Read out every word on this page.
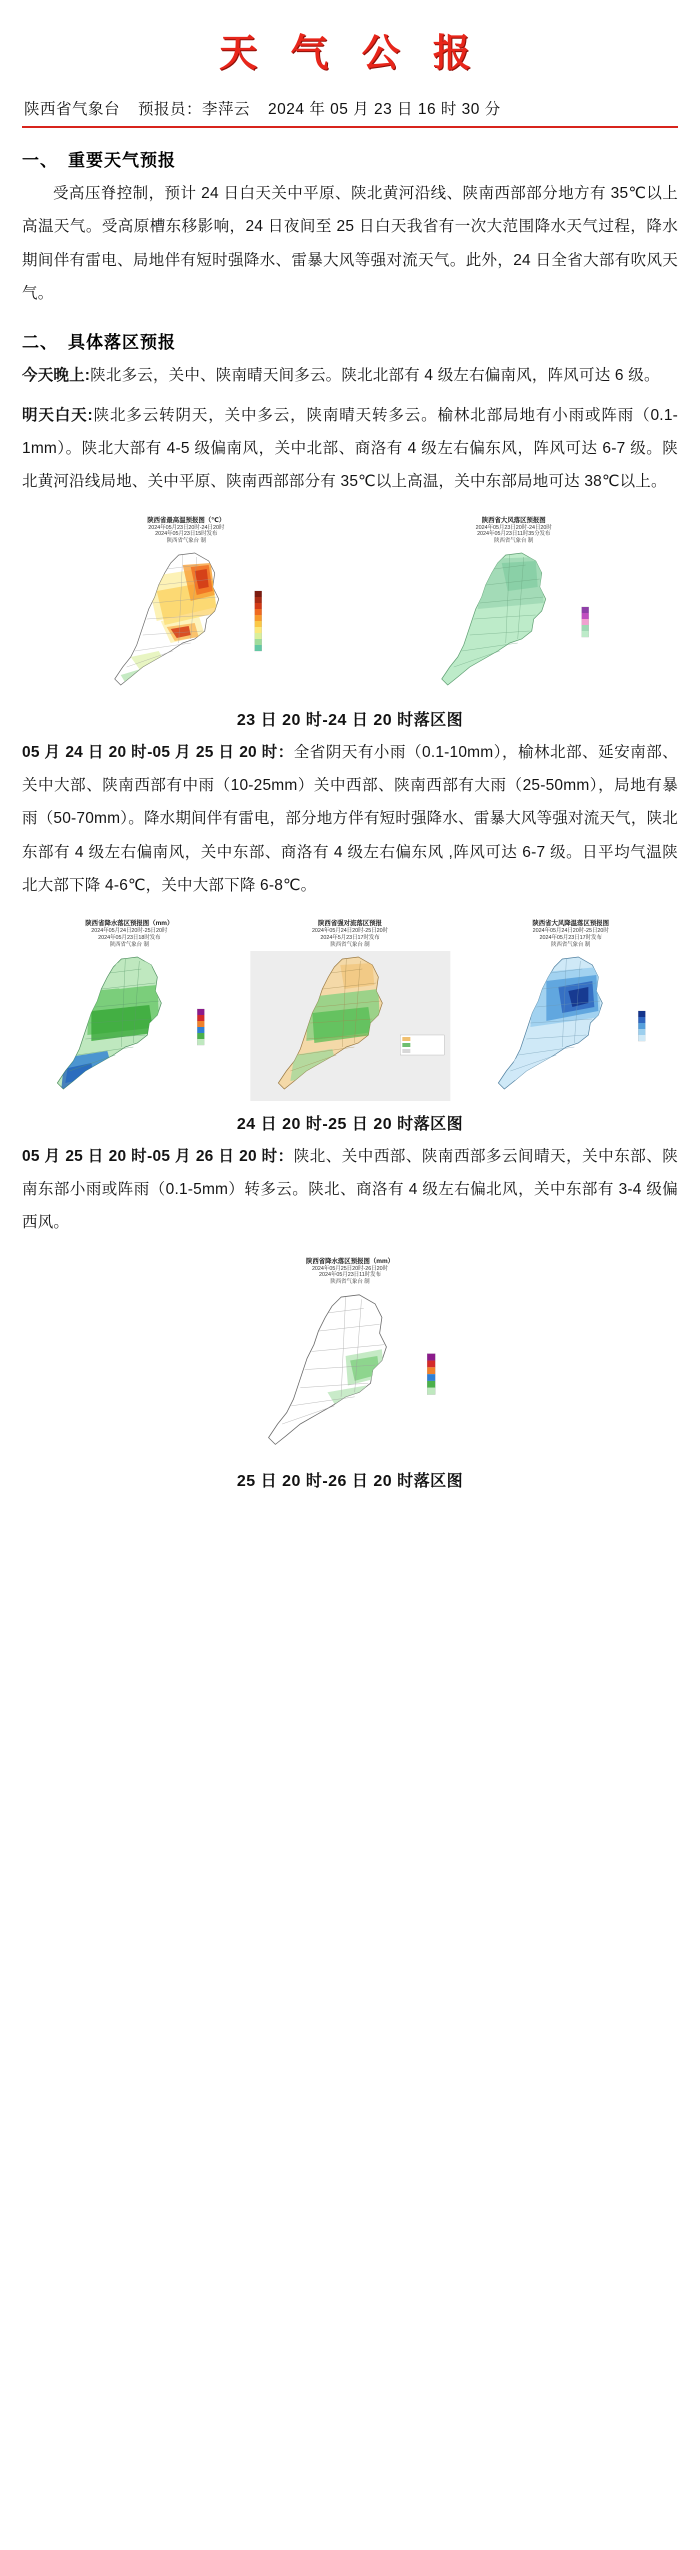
天 气 公 报
陕西省气象台 预报员：李萍云 2024 年 05 月 23 日 16 时 30 分
一、 重要天气预报

受高压脊控制，预计 24 日白天关中平原、陕北黄河沿线、陕南西部部分地方有 35℃以上高温天气。受高原槽东移影响，24 日夜间至 25 日白天我省有一次大范围降水天气过程，降水期间伴有雷电、局地伴有短时强降水、雷暴大风等强对流天气。此外，24 日全省大部有吹风天气。

二、 具体落区预报

今天晚上:陕北多云，关中、陕南晴天间多云。陕北北部有 4 级左右偏南风，阵风可达 6 级。

明天白天:陕北多云转阴天，关中多云，陕南晴天转多云。榆林北部局地有小雨或阵雨（0.1-1mm）。陕北大部有 4-5 级偏南风，关中北部、商洛有 4 级左右偏东风，阵风可达 6-7 级。陕北黄河沿线局地、关中平原、陕南西部部分有 35℃以上高温，关中东部局地可达 38℃以上。

陕西省最高温预报图（℃）
2024年05月23日20时-24日20时
2024年05月23日15时发布
陕西省气象台 制
陕西省大风落区预报图
2024年05月23日20时-24日20时
2024年05月23日11时35分发布
陕西省气象台 制
23 日 20 时-24 日 20 时落区图

05 月 24 日 20 时-05 月 25 日 20 时：全省阴天有小雨（0.1-10mm），榆林北部、延安南部、关中大部、陕南西部有中雨（10-25mm）关中西部、陕南西部有大雨（25-50mm），局地有暴雨（50-70mm）。降水期间伴有雷电，部分地方伴有短时强降水、雷暴大风等强对流天气，陕北东部有 4 级左右偏南风，关中东部、商洛有 4 级左右偏东风 ,阵风可达 6-7 级。日平均气温陕北大部下降 4-6℃，关中大部下降 6-8℃。

陕西省降水落区预报图（mm）
2024年05月24日20时-25日20时
2024年05月23日18时发布
陕西省气象台 制
陕西省强对流落区预报
2024年05月24日20时-25日20时
2024年5月23日17时发布
陕西省气象台 制
陕西省大风降温落区预报图
2024年05月24日20时-25日20时
2024年05月23日17时发布
陕西省气象台 制
24 日 20 时-25 日 20 时落区图

05 月 25 日 20 时-05 月 26 日 20 时：陕北、关中西部、陕南西部多云间晴天，关中东部、陕南东部小雨或阵雨（0.1-5mm）转多云。陕北、商洛有 4 级左右偏北风，关中东部有 3-4 级偏西风。

陕西省降水落区预报图（mm）
2024年05月25日20时-26日20时
2024年05月23日11时发布
陕西省气象台 制
25 日 20 时-26 日 20 时落区图
